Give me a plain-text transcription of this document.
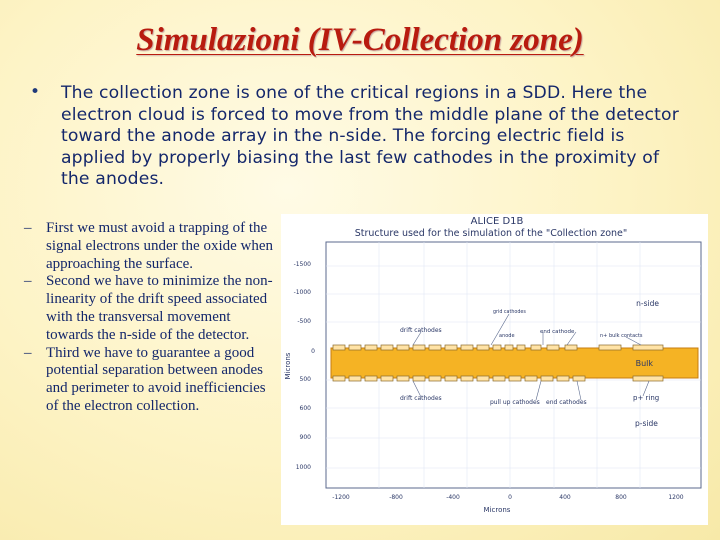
Simulazioni (IV-Collection zone)
• The collection zone is one of the critical regions in a SDD. Here the electron cloud is forced to move from the middle plane of the detector toward the anode array in the n-side. The forcing electric field is applied by properly biasing the last few cathodes in the proximity of the anodes.
– First we must avoid a trapping of the signal electrons under the oxide when approaching the surface.
– Second we have to minimize the non-linearity of the drift speed associated with the transversal movement towards the n-side of the detector.
– Third we have to guarantee a good potential separation between anodes and perimeter to avoid inefficiencies of the electron collection.
ALICE D1B
Structure used for the simulation of the "Collection zone"
-1500
-1000
-500
0
500
600
900
1000
Microns
-1200	-800	-400	0	400	800	1200
Microns
n-side
grid cathodes
drift cathodes
anode
end cathode
n+ bulk contacts
Bulk
drift cathodes
pull up cathodes end cathodes
p+ ring
p-side
